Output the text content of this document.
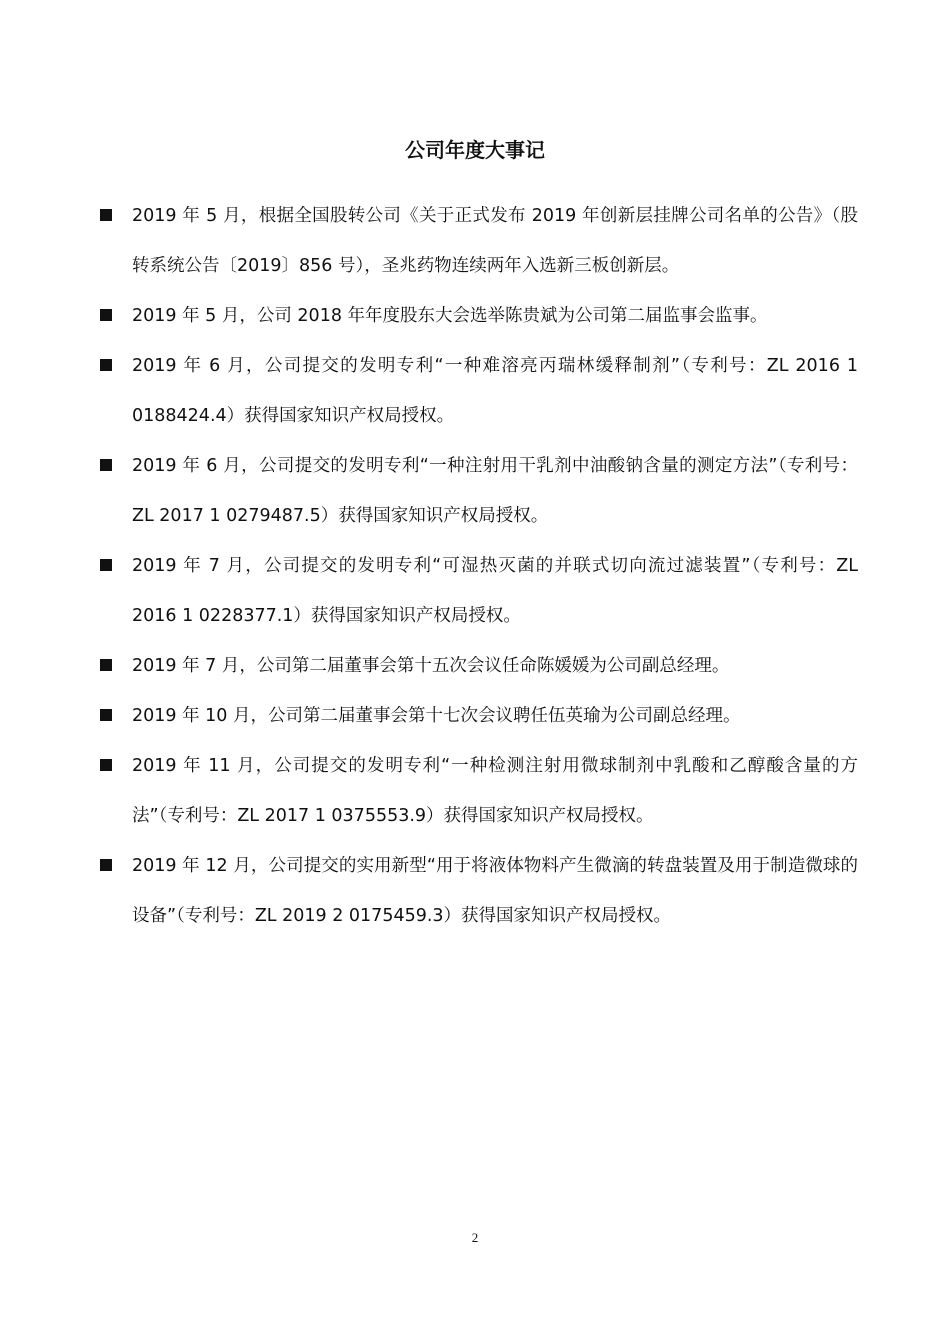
公司年度大事记
2019 年 5 月，根据全国股转公司《关于正式发布 2019 年创新层挂牌公司名单的公告》（股转系统公告〔2019〕856 号），圣兆药物连续两年入选新三板创新层。
2019 年 5 月，公司 2018 年年度股东大会选举陈贵斌为公司第二届监事会监事。
2019 年 6 月，公司提交的发明专利“一种难溶亮丙瑞林缓释制剂”（专利号：ZL 2016 1 0188424.4）获得国家知识产权局授权。
2019 年 6 月，公司提交的发明专利“一种注射用干乳剂中油酸钠含量的测定方法”（专利号：ZL 2017 1 0279487.5）获得国家知识产权局授权。
2019 年 7 月，公司提交的发明专利“可湿热灭菌的并联式切向流过滤装置”（专利号：ZL 2016 1 0228377.1）获得国家知识产权局授权。
2019 年 7 月，公司第二届董事会第十五次会议任命陈媛媛为公司副总经理。
2019 年 10 月，公司第二届董事会第十七次会议聘任伍英瑜为公司副总经理。
2019 年 11 月，公司提交的发明专利“一种检测注射用微球制剂中乳酸和乙醇酸含量的方法”（专利号：ZL 2017 1 0375553.9）获得国家知识产权局授权。
2019 年 12 月，公司提交的实用新型“用于将液体物料产生微滴的转盘装置及用于制造微球的设备”（专利号：ZL 2019 2 0175459.3）获得国家知识产权局授权。
2
